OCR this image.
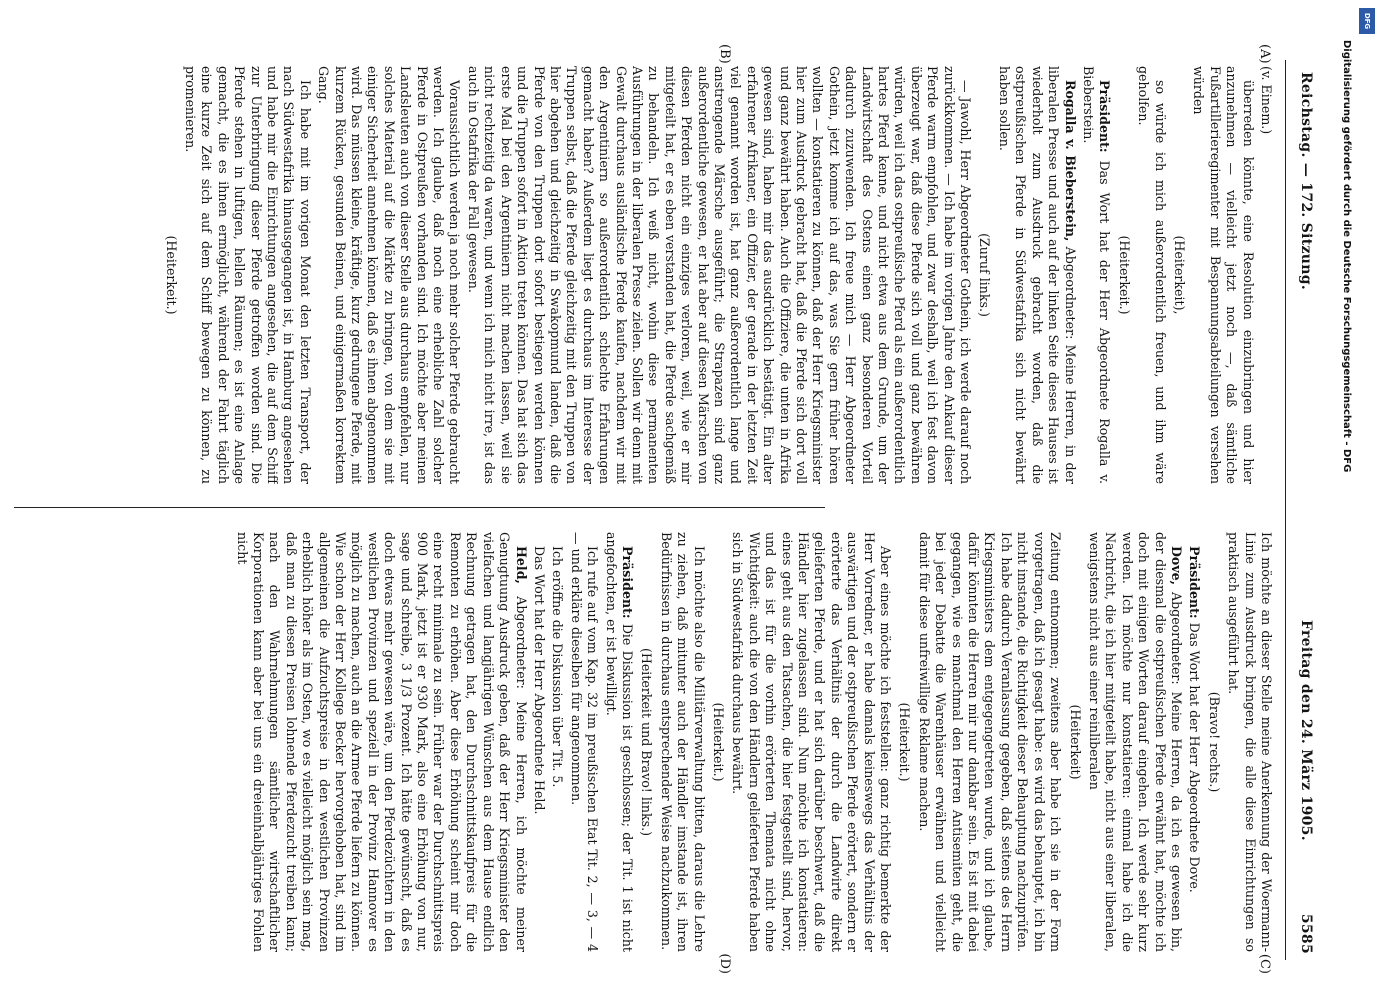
Reichstag. — 172. Sitzung.
Freitag den 24. März 1905.
5585
(A)
(B)
(C)
(D)

(v. Einem.)

überreden könnte, eine Resolution einzubringen und hier anzunehmen — vielleicht jetzt noch —, daß sämtliche Fußartillerieregimenter mit Bespannungsabteilungen versehen würden

(Heiterkeit),

so würde ich mich außerordentlich freuen, und ihm wäre geholfen.

(Heiterkeit.)

Präsident: Das Wort hat der Herr Abgeordnete Rogalla v. Bieberstein.

Rogalla v. Bieberstein, Abgeordneter: Meine Herren, in der liberalen Presse und auch auf der linken Seite dieses Hauses ist wiederholt zum Ausdruck gebracht worden, daß die ostpreußischen Pferde in Südwestafrika sich nicht bewährt haben sollen.

(Zuruf links.)

— Jawohl, Herr Abgeordneter Gothein, ich werde darauf noch zurückkommen. — Ich habe im vorigen Jahre den Ankauf dieser Pferde warm empfohlen, und zwar deshalb, weil ich fest davon überzeugt war, daß diese Pferde sich voll und ganz bewähren würden, weil ich das ostpreußische Pferd als ein außerordentlich hartes Pferd kenne, und nicht etwa aus dem Grunde, um der Landwirtschaft des Ostens einen ganz besonderen Vorteil dadurch zuzuwenden. Ich freue mich — Herr Abgeordneter Gothein, jetzt komme ich auf das, was Sie gern früher hören wollten — konstatieren zu können, daß der Herr Kriegsminister hier zum Ausdruck gebracht hat, daß die Pferde sich dort voll und ganz bewährt haben. Auch die Offiziere, die unten in Afrika gewesen sind, haben mir das ausdrücklich bestätigt. Ein alter erfahrener Afrikaner, ein Offizier, der gerade in der letzten Zeit viel genannt worden ist, hat ganz außerordentlich lange und anstrengende Märsche ausgeführt; die Strapazen sind ganz außerordentliche gewesen, er hat aber auf diesen Märschen von diesen Pferden nicht ein einziges verloren, weil, wie er mir mitgeteilt hat, er es eben verstanden hat, die Pferde sachgemäß zu behandeln. Ich weiß nicht, wohin diese permanenten Ausführungen in der liberalen Presse zielen. Sollen wir denn mit Gewalt durchaus ausländische Pferde kaufen, nachdem wir mit den Argentiniern so außerordentlich schlechte Erfahrungen gemacht haben? Außerdem liegt es durchaus im Interesse der Truppen selbst, daß die Pferde gleichzeitig mit den Truppen von hier abgehen und gleichzeitig in Swakopmund landen, daß die Pferde von den Truppen dort sofort bestiegen werden können und die Truppen sofort in Aktion treten können. Das hat sich das erste Mal bei den Argentiniern nicht machen lassen, weil sie nicht rechtzeitig da waren, und wenn ich mich nicht irre, ist das auch in Ostafrika der Fall gewesen.

Voraussichtlich werden ja noch mehr solcher Pferde gebraucht werden. Ich glaube, daß noch eine erhebliche Zahl solcher Pferde in Ostpreußen vorhanden sind. Ich möchte aber meinen Landsleuten auch von dieser Stelle aus durchaus empfehlen, nur solches Material auf die Märkte zu bringen, von dem sie mit einiger Sicherheit annehmen können, daß es ihnen abgenommen wird. Das müssen kleine, kräftige, kurz gedrungene Pferde, mit kurzem Rücken, gesunden Beinen, und einigermaßen korrektem Gang.

Ich habe mit im vorigen Monat den letzten Transport, der nach Südwestafrika hinausgegangen ist, in Hamburg angesehen und habe mir die Einrichtungen angesehen, die auf dem Schiff zur Unterbringung dieser Pferde getroffen worden sind. Die Pferde stehen in luftigen, hellen Räumen; es ist eine Anlage gemacht, die es ihnen ermöglicht, während der Fahrt täglich eine kurze Zeit sich auf dem Schiff bewegen zu können, zu promenieren.

(Heiterkeit.)

Ich möchte an dieser Stelle meine Anerkennung der Woermann-Linie zum Ausdruck bringen, die alle diese Einrichtungen so praktisch ausgeführt hat.

(Bravo! rechts.)

Präsident: Das Wort hat der Herr Abgeordnete Dove.

Dove, Abgeordneter: Meine Herren, da ich es gewesen bin, der diesmal die ostpreußischen Pferde erwähnt hat, möchte ich doch mit einigen Worten darauf eingehen. Ich werde sehr kurz werden. Ich möchte nur konstatieren: einmal habe ich die Nachricht, die ich hier mitgeteilt habe, nicht aus einer liberalen, wenigstens nicht aus einer reinliberalen

(Heiterkeit)

Zeitung entnommen; zweitens aber habe ich sie in der Form vorgetragen, daß ich gesagt habe: es wird das behauptet, ich bin nicht imstande, die Richtigkeit dieser Behauptung nachzuprüfen. Ich habe dadurch Veranlassung gegeben, daß seitens des Herrn Kriegsministers dem entgegengetreten wurde, und ich glaube, dafür könnten die Herren mir nur dankbar sein. Es ist mit dabei gegangen, wie es manchmal den Herren Antisemiten geht, die bei jeder Debatte die Warenhäuser erwähnen und vielleicht damit für diese unfreiwillige Reklame machen.

(Heiterkeit.)

Aber eines möchte ich feststellen: ganz richtig bemerkte der Herr Vorredner, er habe damals keineswegs das Verhältnis der auswärtigen und der ostpreußischen Pferde erörtert, sondern er erörterte das Verhältnis der durch die Landwirte direkt gelieferten Pferde, und er hat sich darüber beschwert, daß die Händler hier zugelassen sind. Nun möchte ich konstatieren: eines geht aus den Tatsachen, die hier festgestellt sind, hervor, und das ist für die vorhin erörterten Themata nicht ohne Wichtigkeit: auch die von den Händlern gelieferten Pferde haben sich in Südwestafrika durchaus bewährt.

(Heiterkeit.)

Ich möchte also die Militärverwaltung bitten, daraus die Lehre zu ziehen, daß mitunter auch der Händler imstande ist, ihren Bedürfnissen in durchaus entsprechender Weise nachzukommen.

(Heiterkeit und Bravo! links.)

Präsident: Die Diskussion ist geschlossen; der Tit. 1 ist nicht angefochten, er ist bewilligt.

Ich rufe auf vom Kap. 32 im preußischen Etat Tit. 2, — 3, — 4 — und erkläre dieselben für angenommen.

Ich eröffne die Diskussion über Tit. 5.

Das Wort hat der Herr Abgeordnete Held.

Held, Abgeordneter: Meine Herren, ich möchte meiner Genugtuung Ausdruck geben, daß der Herr Kriegsminister den vielfachen und langjährigen Wünschen aus dem Hause endlich Rechnung getragen hat, den Durchschnittskaufpreis für die Remonten zu erhöhen. Aber diese Erhöhung scheint mir doch eine recht minimale zu sein. Früher war der Durchschnittspreis 900 Mark, jetzt ist er 930 Mark, also eine Erhöhung von nur, sage und schreibe, 3 1/3 Prozent. Ich hätte gewünscht, daß es doch etwas mehr gewesen wäre, um den Pferdezüchtern in den westlichen Provinzen und speziell in der Provinz Hannover es möglich zu machen, auch an die Armee Pferde liefern zu können. Wie schon der Herr Kollege Becker hervorgehoben hat, sind im allgemeinen die Aufzuchtspreise in den westlichen Provinzen erheblich höher als im Osten, wo es vielleicht möglich sein mag, daß man zu diesen Preisen lohnende Pferdezucht treiben kann; nach den Wahrnehmungen sämtlicher wirtschaftlicher Korporationen kann aber bei uns ein dreieinhalbjähriges Fohlen nicht

DFG
Digitalisierung gefördert durch die Deutsche Forschungsgemeinschaft - DFG
